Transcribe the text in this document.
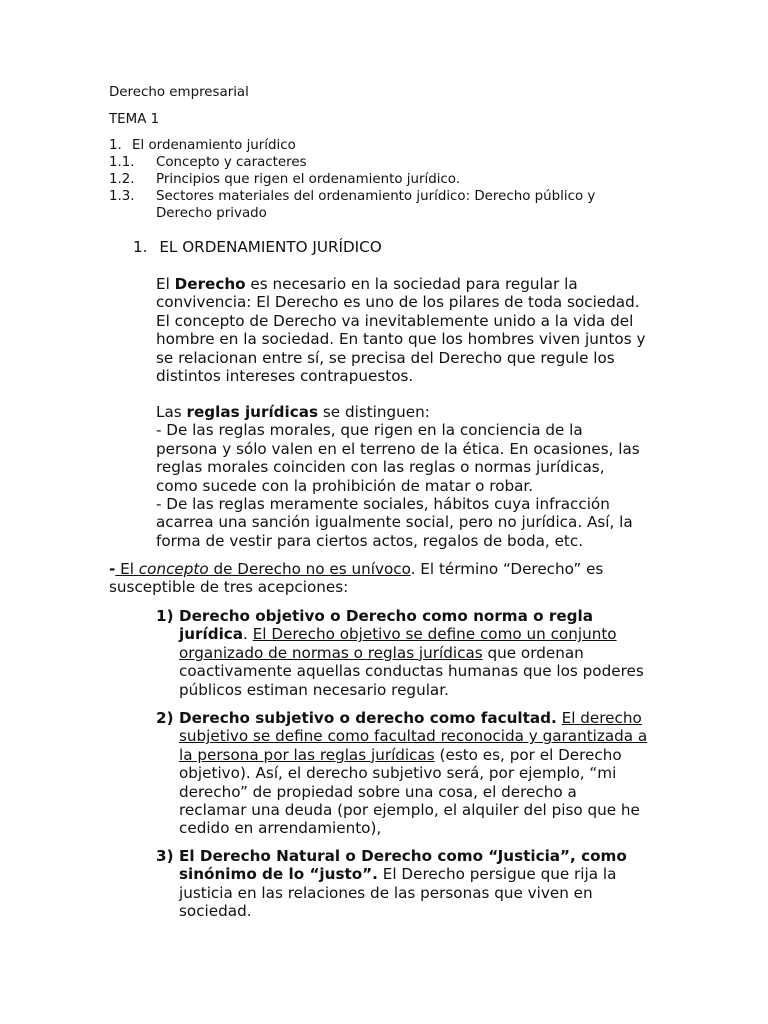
Derecho empresarial
TEMA 1
1. El ordenamiento jurídico
1.1. Concepto y caracteres
1.2. Principios que rigen el ordenamiento jurídico.
1.3. Sectores materiales del ordenamiento jurídico: Derecho público y
Derecho privado
1. EL ORDENAMIENTO JURÍDICO
El Derecho es necesario en la sociedad para regular la
convivencia: El Derecho es uno de los pilares de toda sociedad.
El concepto de Derecho va inevitablemente unido a la vida del
hombre en la sociedad. En tanto que los hombres viven juntos y
se relacionan entre sí, se precisa del Derecho que regule los
distintos intereses contrapuestos.
Las reglas jurídicas se distinguen:
- De las reglas morales, que rigen en la conciencia de la
persona y sólo valen en el terreno de la ética. En ocasiones, las
reglas morales coinciden con las reglas o normas jurídicas,
como sucede con la prohibición de matar o robar.
- De las reglas meramente sociales, hábitos cuya infracción
acarrea una sanción igualmente social, pero no jurídica. Así, la
forma de vestir para ciertos actos, regalos de boda, etc.
- El concepto de Derecho no es unívoco. El término “Derecho” es
susceptible de tres acepciones:
1) Derecho objetivo o Derecho como norma o regla
jurídica. El Derecho objetivo se define como un conjunto
organizado de normas o reglas jurídicas que ordenan
coactivamente aquellas conductas humanas que los poderes
públicos estiman necesario regular.
2) Derecho subjetivo o derecho como facultad. El derecho
subjetivo se define como facultad reconocida y garantizada a
la persona por las reglas jurídicas (esto es, por el Derecho
objetivo). Así, el derecho subjetivo será, por ejemplo, “mi
derecho” de propiedad sobre una cosa, el derecho a
reclamar una deuda (por ejemplo, el alquiler del piso que he
cedido en arrendamiento),
3) El Derecho Natural o Derecho como “Justicia”, como
sinónimo de lo “justo”. El Derecho persigue que rija la
justicia en las relaciones de las personas que viven en
sociedad.
